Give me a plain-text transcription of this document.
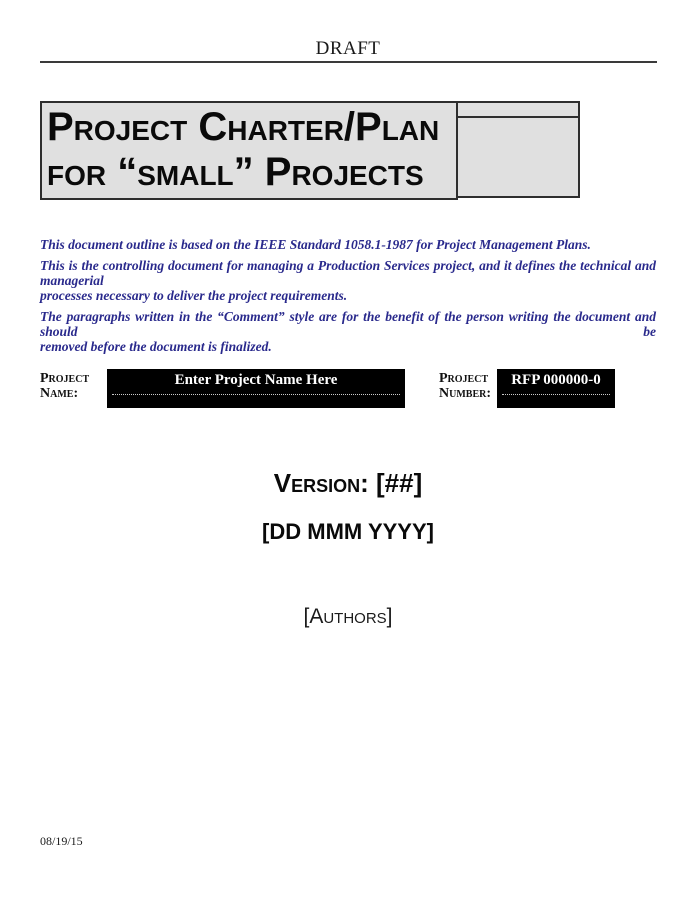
DRAFT
Project Charter/Plan
for “small” Projects
This document outline is based on the IEEE Standard 1058.1-1987 for Project Management Plans.
This is the controlling document for managing a Production Services project, and it defines the technical and managerial
processes necessary to deliver the project requirements.
The paragraphs written in the “Comment” style are for the benefit of the person writing the document and should be
removed before the document is finalized.
Project Name:
Enter Project Name Here	Project Number:
RFP 000000-0
Version: [##]
[DD MMM YYYY]
[Authors]
08/19/15
